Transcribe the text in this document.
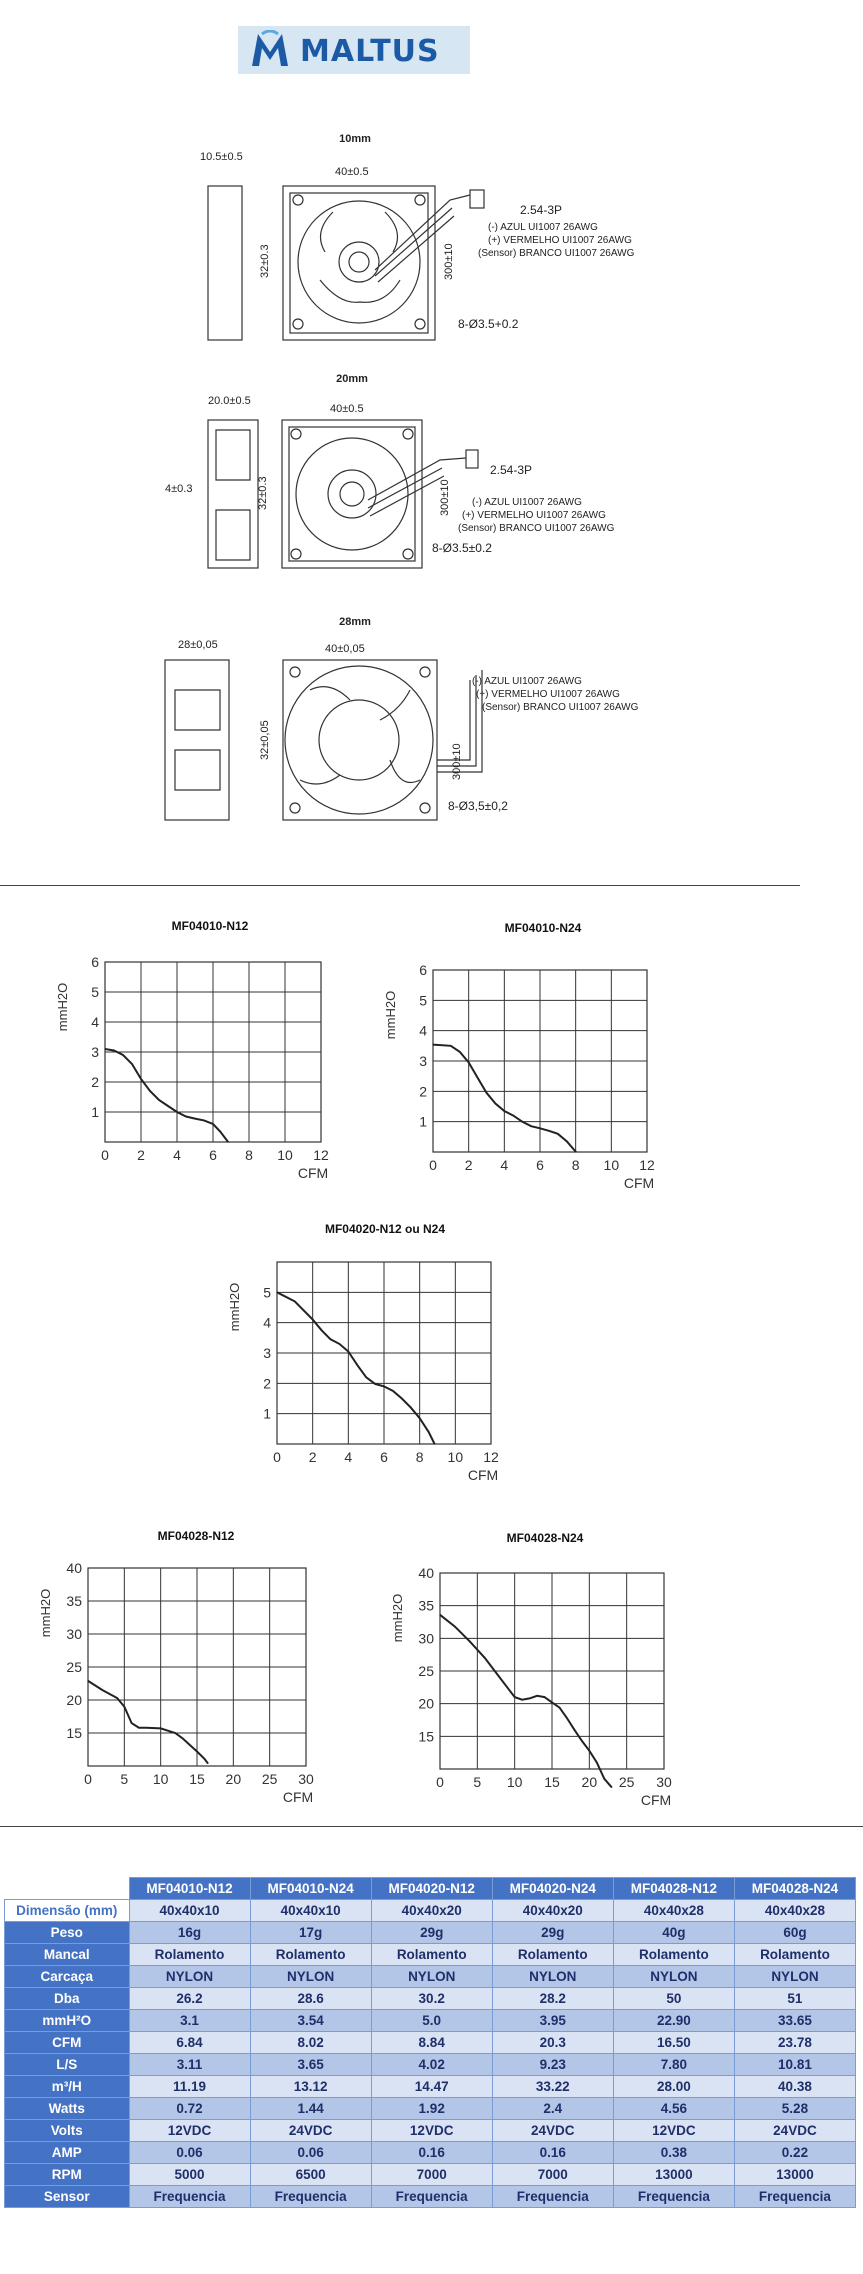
MALTUS
10mm
10.5±0.5
40±0.5
32±0.3	300±10
2.54-3P
8-Ø3.5+0.2
(-) AZUL UI1007 26AWG
(+) VERMELHO UI1007 26AWG
(Sensor) BRANCO UI1007 26AWG
20mm
20.0±0.5
4±0.3
40±0.5
32±0.3	300±10
2.54-3P
8-Ø3.5±0.2
(-) AZUL UI1007 26AWG
(+) VERMELHO UI1007 26AWG
(Sensor) BRANCO UI1007 26AWG
28mm
28±0,05	40±0,05
32±0,05
300±10
8-Ø3,5±0,2
(-) AZUL UI1007 26AWG
(+) VERMELHO UI1007 26AWG
(Sensor) BRANCO UI1007 26AWG
MF04010-N12
0 2 4 6 8 10 12
1
2
3
4
5
6
CFM
mmH2O
MF04010-N24
0 2 4 6 8 10 12
1
2
3
4
5
6
CFM
mmH2O
MF04020-N12 ou N24
0 2 4 6 8 10 12
1
2
3
4
5
CFM
mmH2O
MF04028-N12
0 5 10 15 20 25 30
15
20
25
30
35
40
CFM
mmH2O
MF04028-N24
0 5 10 15 20 25 30
15
20
25
30
35
40
CFM
mmH2O
	MF04010-N12	MF04010-N24	MF04020-N12	MF04020-N24	MF04028-N12	MF04028-N24
Dimensão (mm)	40x40x10	40x40x10	40x40x20	40x40x20	40x40x28	40x40x28
Peso	16g	17g	29g	29g	40g	60g
Mancal	Rolamento	Rolamento	Rolamento	Rolamento	Rolamento	Rolamento
Carcaça	NYLON	NYLON	NYLON	NYLON	NYLON	NYLON
Dba	26.2	28.6	30.2	28.2	50	51
mmH²O	3.1	3.54	5.0	3.95	22.90	33.65
CFM	6.84	8.02	8.84	20.3	16.50	23.78
L/S	3.11	3.65	4.02	9.23	7.80	10.81
m³/H	11.19	13.12	14.47	33.22	28.00	40.38
Watts	0.72	1.44	1.92	2.4	4.56	5.28
Volts	12VDC	24VDC	12VDC	24VDC	12VDC	24VDC
AMP	0.06	0.06	0.16	0.16	0.38	0.22
RPM	5000	6500	7000	7000	13000	13000
Sensor	Frequencia	Frequencia	Frequencia	Frequencia	Frequencia	Frequencia
